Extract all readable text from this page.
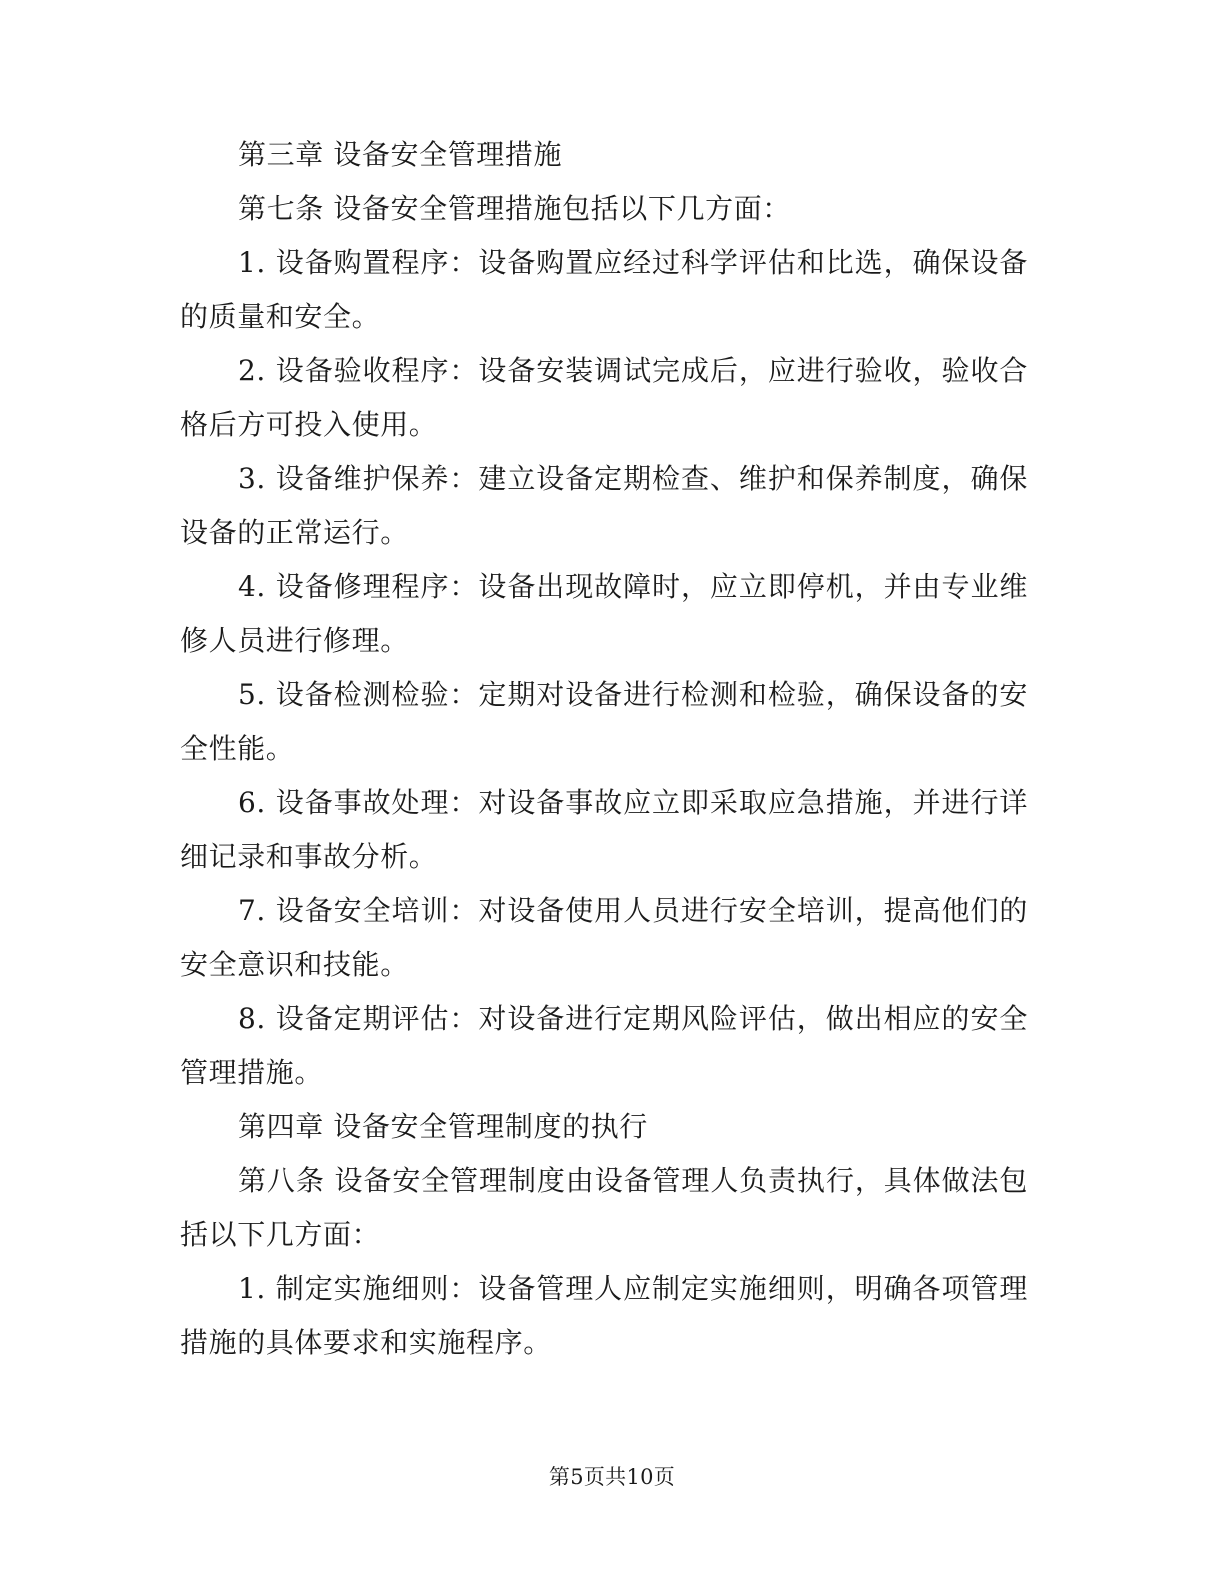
第三章 设备安全管理措施

第七条 设备安全管理措施包括以下几方面：

1. 设备购置程序：设备购置应经过科学评估和比选，确保设备的质量和安全。

2. 设备验收程序：设备安装调试完成后，应进行验收，验收合格后方可投入使用。

3. 设备维护保养：建立设备定期检查、维护和保养制度，确保设备的正常运行。

4. 设备修理程序：设备出现故障时，应立即停机，并由专业维修人员进行修理。

5. 设备检测检验：定期对设备进行检测和检验，确保设备的安全性能。

6. 设备事故处理：对设备事故应立即采取应急措施，并进行详细记录和事故分析。

7. 设备安全培训：对设备使用人员进行安全培训，提高他们的安全意识和技能。

8. 设备定期评估：对设备进行定期风险评估，做出相应的安全管理措施。

第四章 设备安全管理制度的执行

第八条 设备安全管理制度由设备管理人负责执行，具体做法包括以下几方面：

1. 制定实施细则：设备管理人应制定实施细则，明确各项管理措施的具体要求和实施程序。

第5页共10页
